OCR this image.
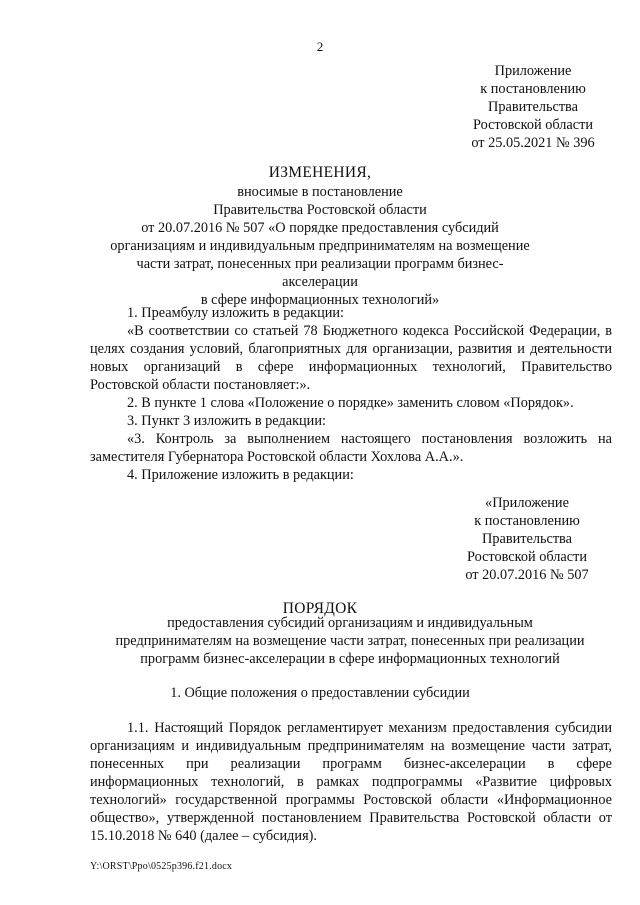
2
Приложение
к постановлению
Правительства
Ростовской области
от 25.05.2021 № 396
ИЗМЕНЕНИЯ,
вносимые в постановление
Правительства Ростовской области
от 20.07.2016 № 507 «О порядке предоставления субсидий
организациям и индивидуальным предпринимателям на возмещение
части затрат, понесенных при реализации программ бизнес-акселерации
в сфере информационных технологий»

1. Преамбулу изложить в редакции:

«В соответствии со статьей 78 Бюджетного кодекса Российской Федерации, в целях создания условий, благоприятных для организации, развития и деятельности новых организаций в сфере информационных технологий, Правительство Ростовской области постановляет:».

2. В пункте 1 слова «Положение о порядке» заменить словом «Порядок».

3. Пункт 3 изложить в редакции:

«3. Контроль за выполнением настоящего постановления возложить на заместителя Губернатора Ростовской области Хохлова А.А.».

4. Приложение изложить в редакции:

«Приложение
к постановлению
Правительства
Ростовской области
от 20.07.2016 № 507
ПОРЯДОК
предоставления субсидий организациям и индивидуальным
предпринимателям на возмещение части затрат, понесенных при реализации
программ бизнес-акселерации в сфере информационных технологий
1. Общие положения о предоставлении субсидии

1.1. Настоящий Порядок регламентирует механизм предоставления субсидии организациям и индивидуальным предпринимателям на возмещение части затрат, понесенных при реализации программ бизнес-акселерации в сфере информационных технологий, в рамках подпрограммы «Развитие цифровых технологий» государственной программы Ростовской области «Информационное общество», утвержденной постановлением Правительства Ростовской области от 15.10.2018 № 640 (далее – субсидия).

Y:\ORST\Ppo\0525p396.f21.docx
